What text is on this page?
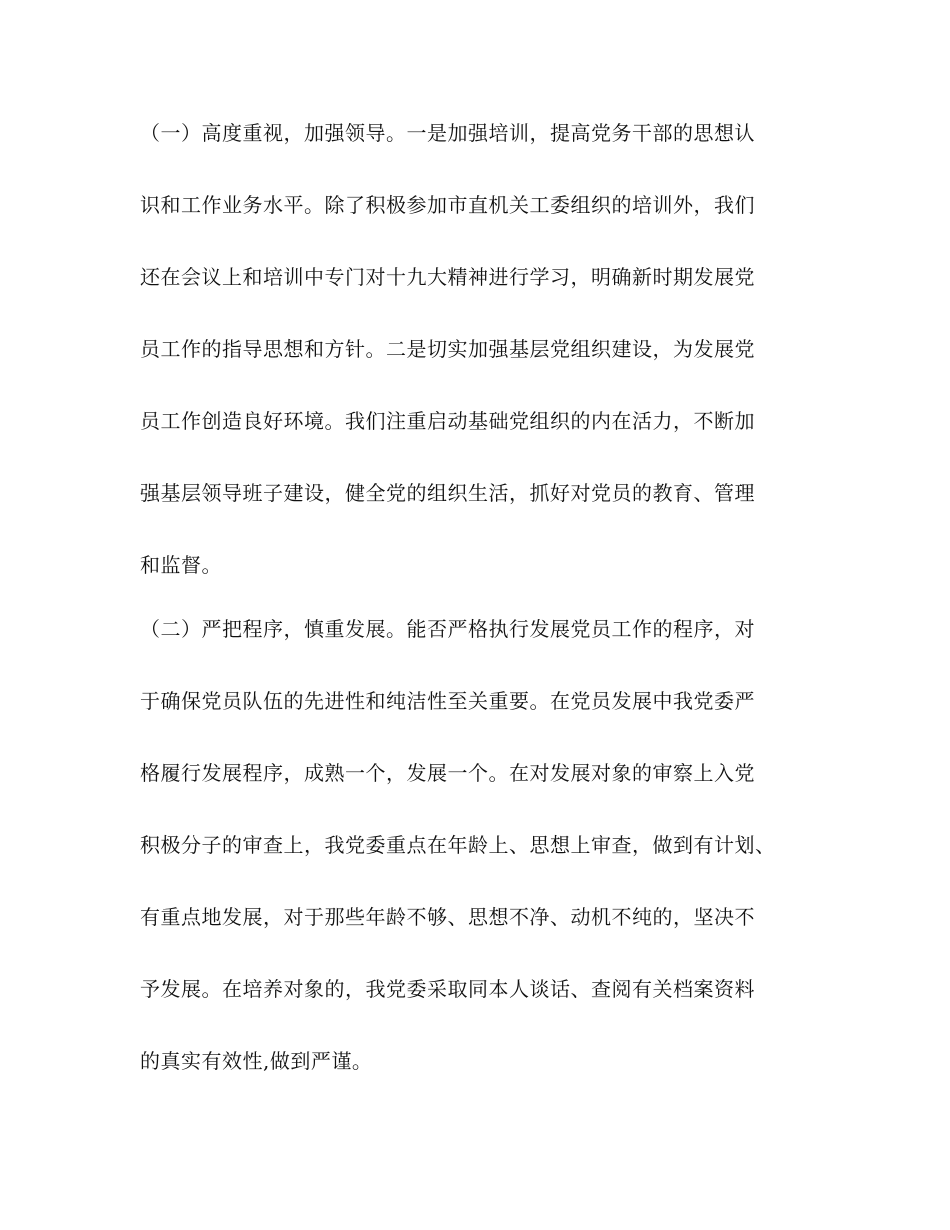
（一）高度重视，加强领导。一是加强培训，提高党务干部的思想认
识和工作业务水平。除了积极参加市直机关工委组织的培训外，我们
还在会议上和培训中专门对十九大精神进行学习，明确新时期发展党
员工作的指导思想和方针。二是切实加强基层党组织建设，为发展党
员工作创造良好环境。我们注重启动基础党组织的内在活力，不断加
强基层领导班子建设，健全党的组织生活，抓好对党员的教育、管理
和监督。
（二）严把程序，慎重发展。能否严格执行发展党员工作的程序，对
于确保党员队伍的先进性和纯洁性至关重要。在党员发展中我党委严
格履行发展程序，成熟一个，发展一个。在对发展对象的审察上入党
积极分子的审查上，我党委重点在年龄上、思想上审查，做到有计划、
有重点地发展，对于那些年龄不够、思想不净、动机不纯的，坚决不
予发展。在培养对象的，我党委采取同本人谈话、查阅有关档案资料
的真实有效性,做到严谨。
